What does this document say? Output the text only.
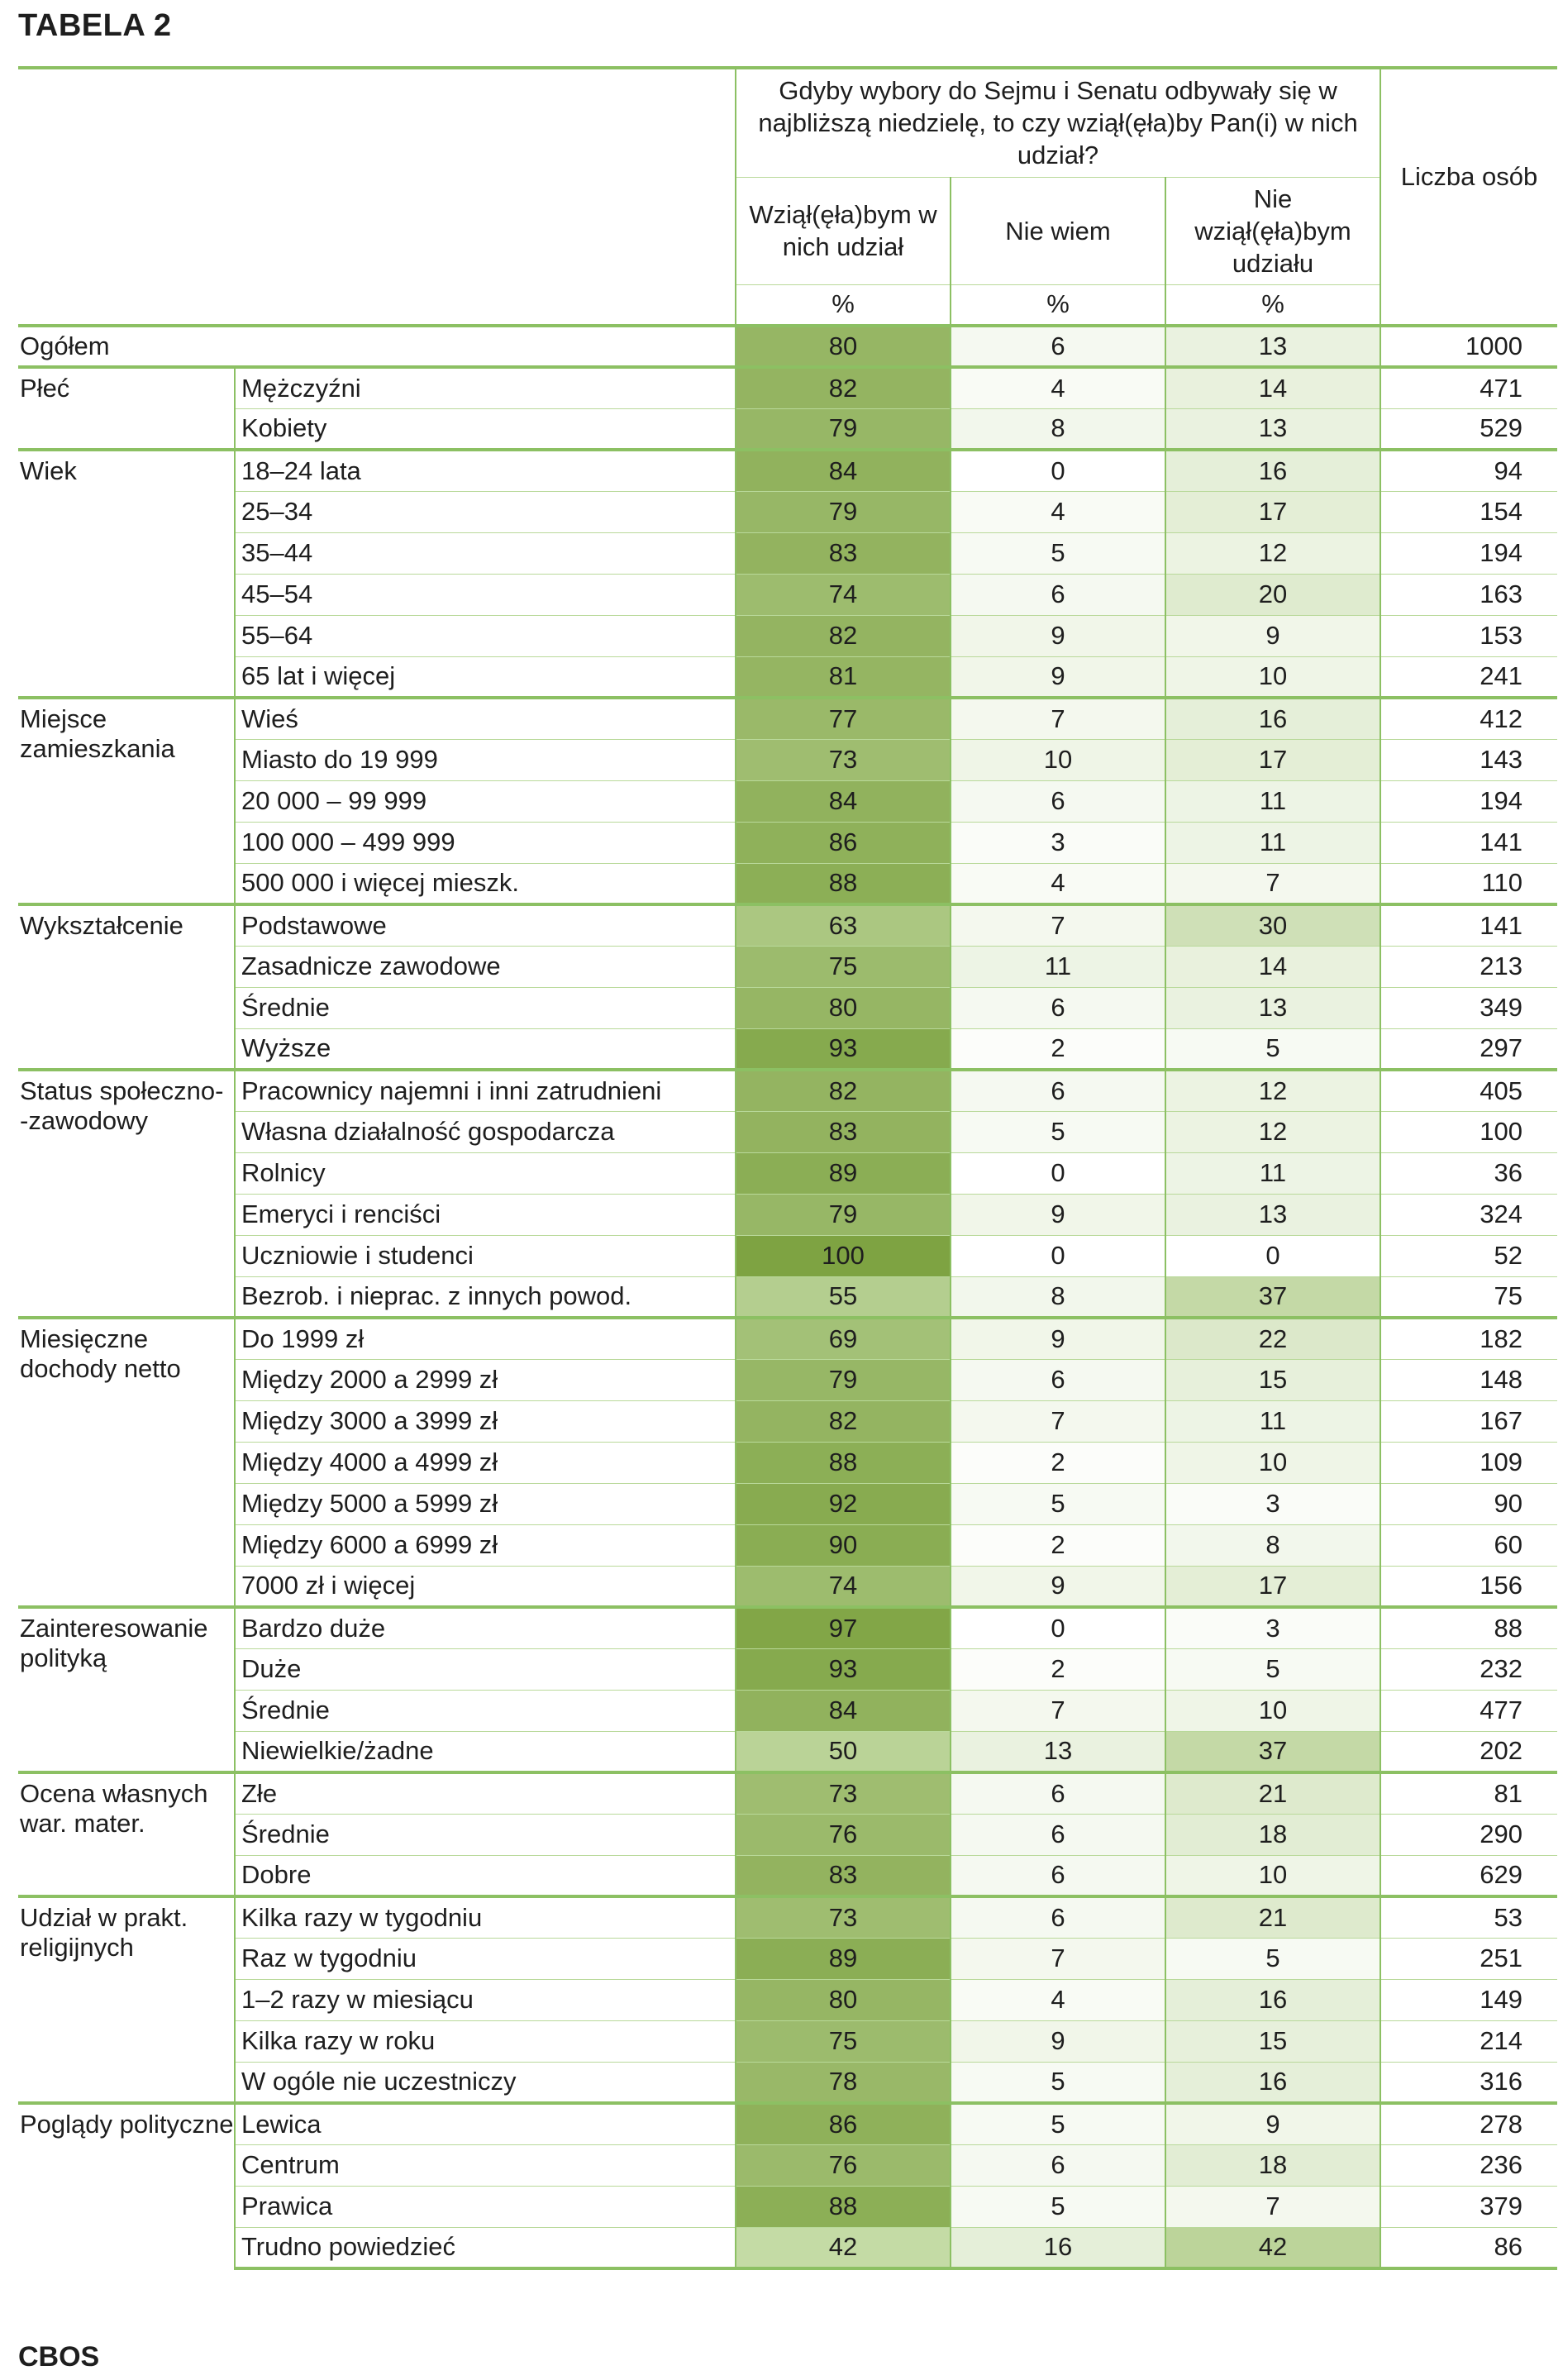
TABELA 2
		Gdyby wybory do Sejmu i Senatu odbywały się w najbliższą niedzielę, to czy wziął(ęła)by Pan(i) w nich udział?			Liczba osób
		Wziął(ęła)bym w nich udział	Nie wiem	Nie wziął(ęła)bym udziału	
		%	%	%	
Ogółem		80	6	13	1000
Płeć	Mężczyźni	82	4	14	471
	Kobiety	79	8	13	529
Wiek	18–24 lata	84	0	16	94
	25–34	79	4	17	154
	35–44	83	5	12	194
	45–54	74	6	20	163
	55–64	82	9	9	153
	65 lat i więcej	81	9	10	241
Miejsce zamieszkania	Wieś	77	7	16	412
	Miasto do 19 999	73	10	17	143
	20 000 – 99 999	84	6	11	194
	100 000 – 499 999	86	3	11	141
	500 000 i więcej mieszk.	88	4	7	110
Wykształcenie	Podstawowe	63	7	30	141
	Zasadnicze zawodowe	75	11	14	213
	Średnie	80	6	13	349
	Wyższe	93	2	5	297
Status społeczno- -zawodowy	Pracownicy najemni i inni zatrudnieni	82	6	12	405
	Własna działalność gospodarcza	83	5	12	100
	Rolnicy	89	0	11	36
	Emeryci i renciści	79	9	13	324
	Uczniowie i studenci	100	0	0	52
	Bezrob. i nieprac. z innych powod.	55	8	37	75
Miesięczne dochody netto	Do 1999 zł	69	9	22	182
	Między 2000 a 2999 zł	79	6	15	148
	Między 3000 a 3999 zł	82	7	11	167
	Między 4000 a 4999 zł	88	2	10	109
	Między 5000 a 5999 zł	92	5	3	90
	Między 6000 a 6999 zł	90	2	8	60
	7000 zł i więcej	74	9	17	156
Zainteresowanie polityką	Bardzo duże	97	0	3	88
	Duże	93	2	5	232
	Średnie	84	7	10	477
	Niewielkie/żadne	50	13	37	202
Ocena własnych war. mater.	Złe	73	6	21	81
	Średnie	76	6	18	290
	Dobre	83	6	10	629
Udział w prakt. religijnych	Kilka razy w tygodniu	73	6	21	53
	Raz w tygodniu	89	7	5	251
	1–2 razy w miesiącu	80	4	16	149
	Kilka razy w roku	75	9	15	214
	W ogóle nie uczestniczy	78	5	16	316
Poglądy polityczne	Lewica	86	5	9	278
	Centrum	76	6	18	236
	Prawica	88	5	7	379
	Trudno powiedzieć	42	16	42	86
CBOS
